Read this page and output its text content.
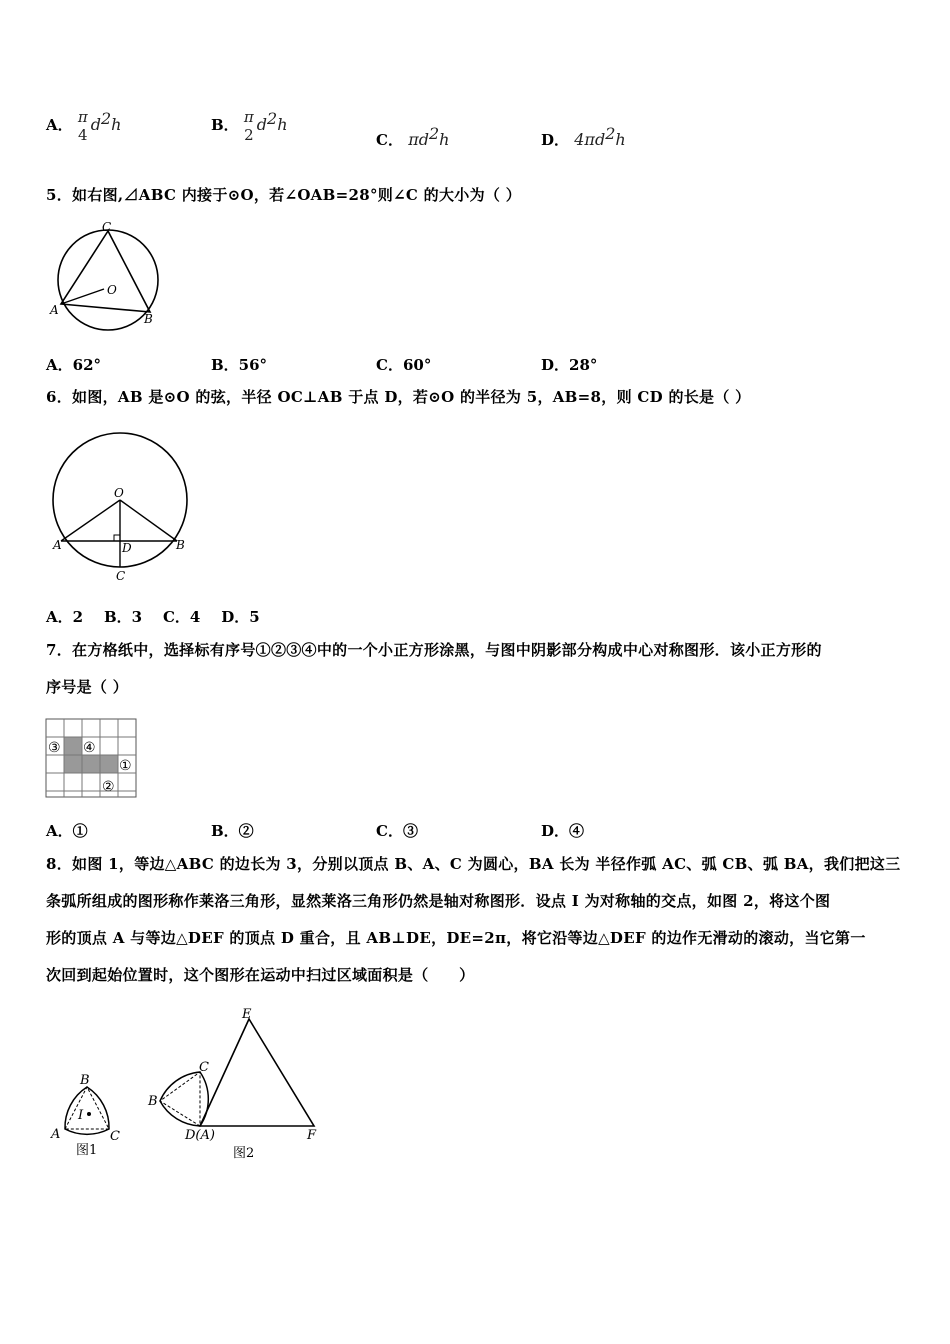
A． π
4
$d^2h$	B． π
2
$d^2h$
C． $\pi d^2h$	D． $4\pi d^2h$
5．如右图,⊿ABC 内接于⊙O，若∠OAB=28°则∠C 的大小为（ ）
C
O
A
B
A．62°	B．56°	C．60°	D．28°
6．如图，AB 是⊙O 的弦，半径 OC⊥AB 于点 D，若⊙O 的半径为 5，AB=8，则 CD 的长是（ ）
O
A	B
D
C
A．2    B．3    C．4    D．5
7．在方格纸中，选择标有序号①②③④中的一个小正方形涂黑，与图中阴影部分构成中心对称图形．该小正方形的
序号是（ ）
③ ④
①
②
A．①	B．②	C．③	D．④
8．如图 1，等边△ABC 的边长为 3，分别以顶点 B、A、C 为圆心，BA 长为 半径作弧 AC、弧 CB、弧 BA，我们把这三
条弧所组成的图形称作莱洛三角形，显然莱洛三角形仍然是轴对称图形．设点 I 为对称轴的交点，如图 2，将这个图
形的顶点 A 与等边△DEF 的顶点 D 重合，且 AB⊥DE，DE=2π，将它沿等边△DEF 的边作无滑动的滚动，当它第一
次回到起始位置时，这个图形在运动中扫过区域面积是（　　）
B
A	C
I
图1
E
C
B
D(A)	F
图2
